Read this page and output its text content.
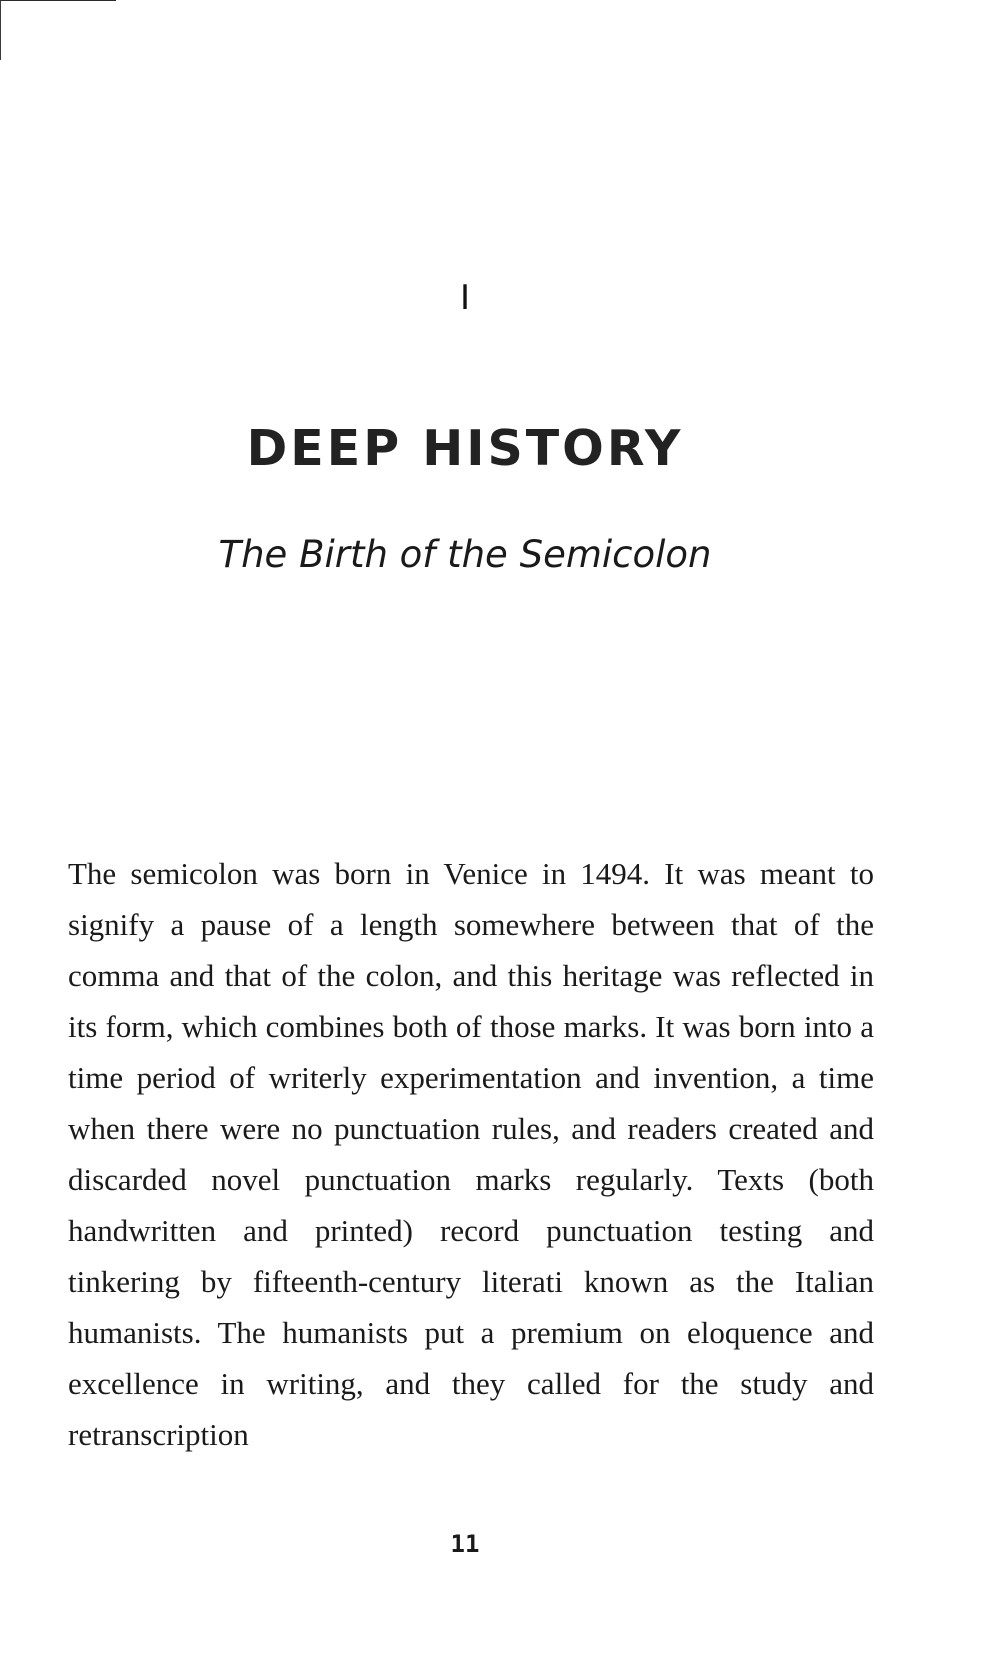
I
DEEP HISTORY
The Birth of the Semicolon

The semicolon was born in Venice in 1494. It was meant to signify a pause of a length somewhere between that of the comma and that of the colon, and this heritage was reflected in its form, which combines both of those marks. It was born into a time period of writerly experimentation and invention, a time when there were no punctuation rules, and readers created and discarded novel punctuation marks regularly. Texts (both handwritten and printed) record punctuation testing and tinkering by fifteenth-century literati known as the Italian humanists. The humanists put a premium on eloquence and excellence in writing, and they called for the study and retranscription

11
